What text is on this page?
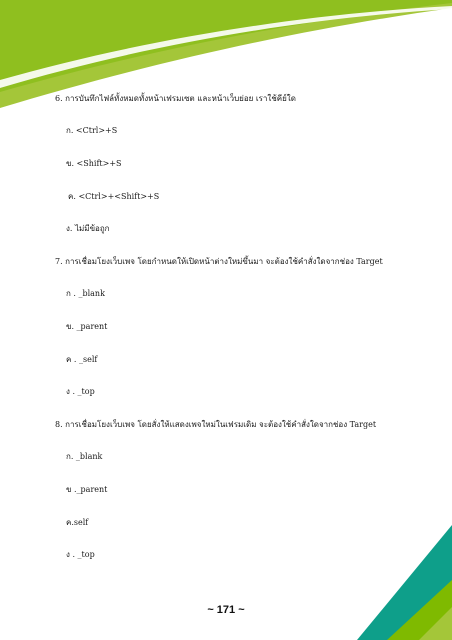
6. การบันทึกไฟล์ทั้งหมดทั้งหน้าเฟรมเซต และหน้าเว็บย่อย เราใช้คีย์ใด
ก. <Ctrl>+S
ข. <Shift>+S
ค. <Ctrl>+<Shift>+S
ง. ไม่มีข้อถูก
7. การเชื่อมโยงเว็บเพจ โดยกำหนดให้เปิดหน้าต่างใหม่ขึ้นมา จะต้องใช้คำสั่งใดจากช่อง Target
ก . _blank
ข. _parent
ค . _self
ง . _top
8. การเชื่อมโยงเว็บเพจ โดยสั่งให้แสดงเพจใหม่ในเฟรมเดิม จะต้องใช้คำสั่งใดจากช่อง Target
ก. _blank
ข ._parent
ค.self
ง . _top
~ 171 ~
